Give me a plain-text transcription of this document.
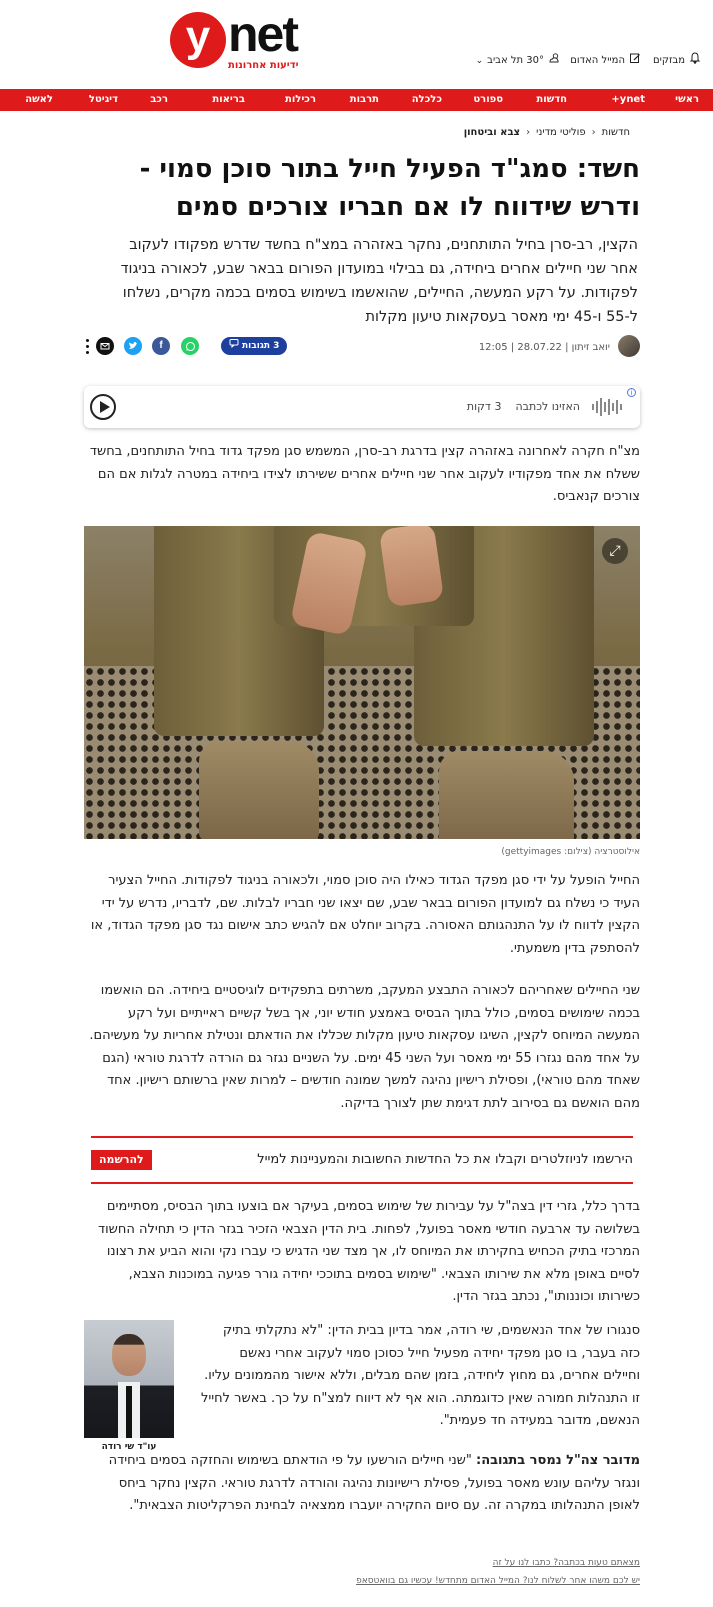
y net
ידיעות אחרונות	מבזקים
המייל האדום
30° תל אביב
⌄
ראשי
ynet+
חדשות
ספורט
כלכלה
תרבות
רכילות
בריאות
רכב
דיגיטל
לאשה
חדשות
‹
פוליטי מדיני
‹
צבא וביטחון
חשד: סמג"ד הפעיל חייל בתור סוכן סמוי - ודרש שידווח לו אם חבריו צורכים סמים
הקצין, רב-סרן בחיל התותחנים, נחקר באזהרה במצ"ח בחשד שדרש מפקודו לעקוב אחר שני חיילים אחרים ביחידה, גם בבילוי במועדון הפורום בבאר שבע, לכאורה בניגוד לפקודות. על רקע המעשה, החיילים, שהואשמו בשימוש בסמים בכמה מקרים, נשלחו ל-55 ו-45 ימי מאסר בעסקאות טיעון מקלות
יואב זיתון | 28.07.22 | 12:05
3 תגובות
f
האזינו לכתבה    3 דקות
i
מצ"ח חקרה לאחרונה באזהרה קצין בדרגת רב-סרן, המשמש סגן מפקד גדוד בחיל התותחנים, בחשד ששלח את אחד מפקודיו לעקוב אחר שני חיילים אחרים ששירתו לצידו ביחידה במטרה לגלות אם הם צורכים קנאביס.
⤢
אילוסטרציה (צילום: gettyimages)
החייל הופעל על ידי סגן מפקד הגדוד כאילו היה סוכן סמוי, ולכאורה בניגוד לפקודות. החייל הצעיר העיד כי נשלח גם למועדון הפורום בבאר שבע, שם יצאו שני חבריו לבלות. שם, לדבריו, נדרש על ידי הקצין לדווח לו על התנהגותם האסורה. בקרוב יוחלט אם להגיש כתב אישום נגד סגן מפקד הגדוד, או להסתפק בדין משמעתי.
שני החיילים שאחריהם לכאורה התבצע המעקב, משרתים בתפקידים לוגיסטיים ביחידה. הם הואשמו בכמה שימושים בסמים, כולל בתוך הבסיס באמצע חודש יוני, אך בשל קשיים ראייתיים ועל רקע המעשה המיוחס לקצין, השיגו עסקאות טיעון מקלות שכללו את הודאתם ונטילת אחריות על מעשיהם. על אחד מהם נגזרו 55 ימי מאסר ועל השני 45 ימים. על השניים נגזר גם הורדה לדרגת טוראי (הגם שאחד מהם טוראי), ופסילת רישיון נהיגה למשך שמונה חודשים – למרות שאין ברשותם רישיון. אחד מהם הואשם גם בסירוב לתת דגימת שתן לצורך בדיקה.
הירשמו לניוזלטרים וקבלו את כל החדשות החשובות והמעניינות למייל
להרשמה
בדרך כלל, גזרי דין בצה"ל על עבירות של שימוש בסמים, בעיקר אם בוצעו בתוך הבסיס, מסתיימים בשלושה עד ארבעה חודשי מאסר בפועל, לפחות. בית הדין הצבאי הזכיר בגזר הדין כי תחילה החשוד המרכזי בתיק הכחיש בחקירתו את המיוחס לו, אך מצד שני הדגיש כי עברו נקי והוא הביע את רצונו לסיים באופן מלא את שירותו הצבאי. "שימוש בסמים בתוככי יחידה גורר פגיעה במוכנות הצבא, כשירותו וכוננותו", נכתב בגזר הדין.
עו"ד שי רודה
סנגורו של אחד הנאשמים, שי רודה, אמר בדיון בבית הדין: "לא נתקלתי בתיק כזה בעבר, בו סגן מפקד יחידה מפעיל חייל כסוכן סמוי לעקוב אחרי נאשם וחיילים אחרים, גם מחוץ ליחידה, בזמן שהם מבלים, וללא אישור מהממונים עליו. זו התנהלות חמורה שאין כדוגמתה. הוא אף לא דיווח למצ"ח על כך. באשר לחייל הנאשם, מדובר במעידה חד פעמית".
מדובר צה"ל נמסר בתגובה: "שני חיילים הורשעו על פי הודאתם בשימוש והחזקה בסמים ביחידה ונגזר עליהם עונש מאסר בפועל, פסילת רישיונות נהיגה והורדה לדרגת טוראי. הקצין נחקר ביחס לאופן התנהלותו במקרה זה. עם סיום החקירה יועברו ממצאיה לבחינת הפרקליטות הצבאית".
מצאתם טעות בכתבה? כתבו לנו על זה
יש לכם משהו אחר לשלוח לנו? המייל האדום מתחדש! עכשיו גם בוואטסאפ
